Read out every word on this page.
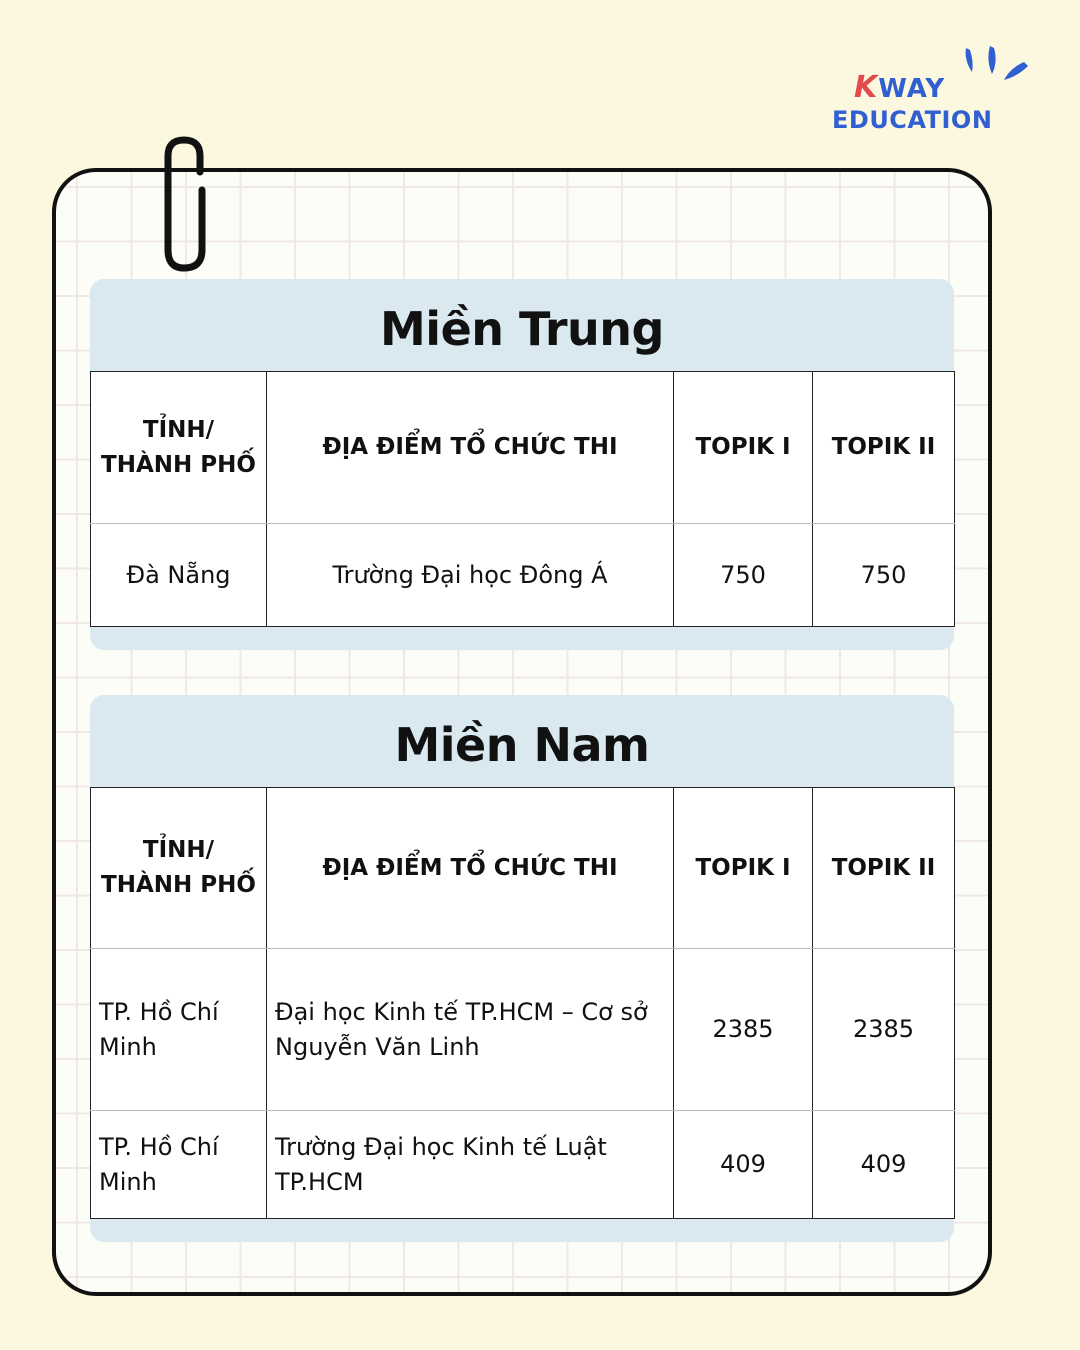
KWAY
EDUCATION
Miền Trung
TỈNH/ THÀNH PHỐ	ĐỊA ĐIỂM TỔ CHỨC THI	TOPIK I	TOPIK II
Đà Nẵng	Trường Đại học Đông Á	750	750
Miền Nam
TỈNH/ THÀNH PHỐ	ĐỊA ĐIỂM TỔ CHỨC THI	TOPIK I	TOPIK II
TP. Hồ Chí Minh	Đại học Kinh tế TP.HCM – Cơ sở Nguyễn Văn Linh	2385	2385
TP. Hồ Chí Minh	Trường Đại học Kinh tế Luật TP.HCM	409	409
